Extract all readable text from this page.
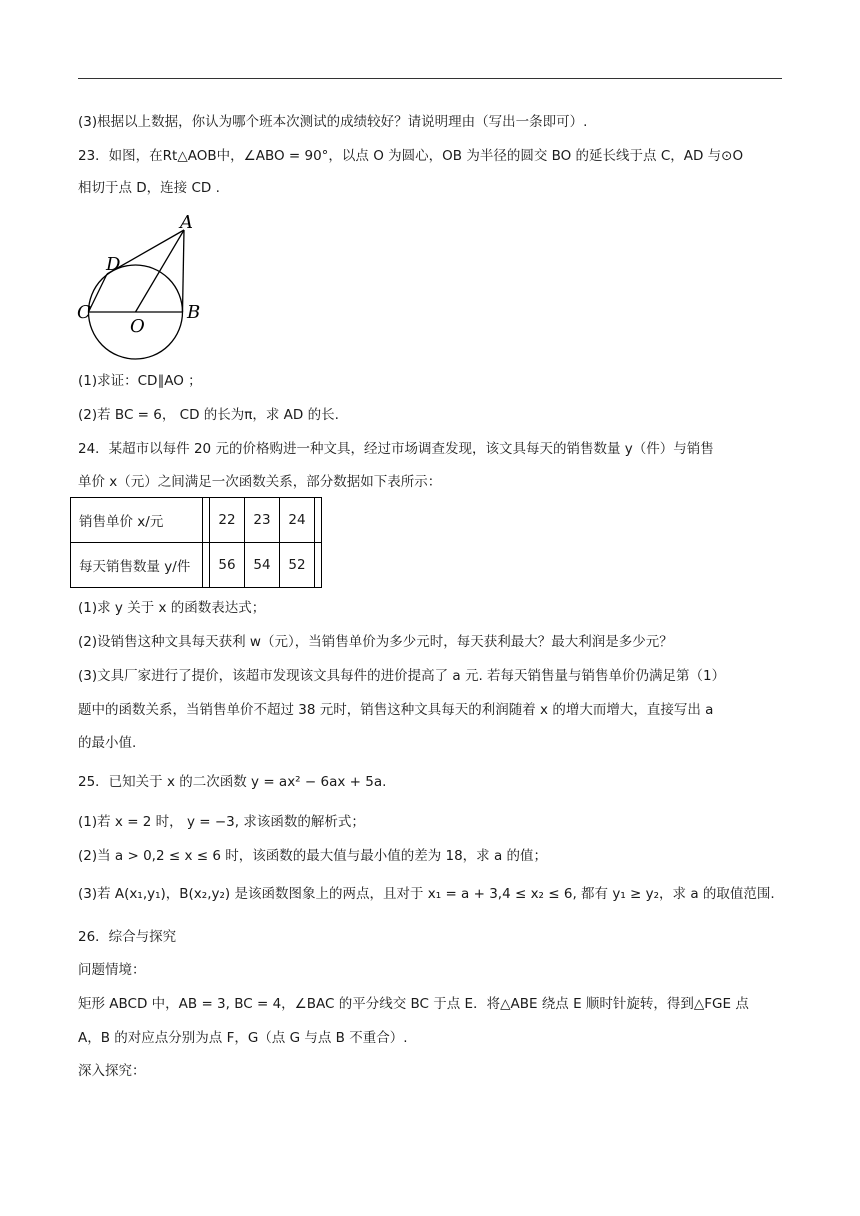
(3)根据以上数据，你认为哪个班本次测试的成绩较好？请说明理由（写出一条即可）.
23．如图，在Rt△AOB中，∠ABO = 90°，以点 O 为圆心，OB 为半径的圆交 BO 的延长线于点 C，AD 与⊙O
相切于点 D，连接 CD .
A
D
C
O
B
(1)求证：CD∥AO ；
(2)若 BC = 6， CD 的长为π，求 AD 的长.
24．某超市以每件 20 元的价格购进一种文具，经过市场调查发现，该文具每天的销售数量 y（件）与销售
单价 x（元）之间满足一次函数关系，部分数据如下表所示：
销售单价 x/元		22	23	24	
每天销售数量 y/件		56	54	52	
(1)求 y 关于 x 的函数表达式；
(2)设销售这种文具每天获利 w（元），当销售单价为多少元时，每天获利最大？最大利润是多少元？
(3)文具厂家进行了提价，该超市发现该文具每件的进价提高了 a 元. 若每天销售量与销售单价仍满足第（1）
题中的函数关系，当销售单价不超过 38 元时，销售这种文具每天的利润随着 x 的增大而增大，直接写出 a
的最小值.
25．已知关于 x 的二次函数 y = ax² − 6ax + 5a.
(1)若 x = 2 时， y = −3, 求该函数的解析式；
(2)当 a > 0,2 ≤ x ≤ 6 时，该函数的最大值与最小值的差为 18，求 a 的值；
(3)若 A(x₁,y₁)，B(x₂,y₂) 是该函数图象上的两点，且对于 x₁ = a + 3,4 ≤ x₂ ≤ 6, 都有 y₁ ≥ y₂，求 a 的取值范围.
26．综合与探究
问题情境：
矩形 ABCD 中，AB = 3, BC = 4，∠BAC 的平分线交 BC 于点 E．将△ABE 绕点 E 顺时针旋转，得到△FGE 点
A，B 的对应点分别为点 F，G（点 G 与点 B 不重合）.
深入探究：
